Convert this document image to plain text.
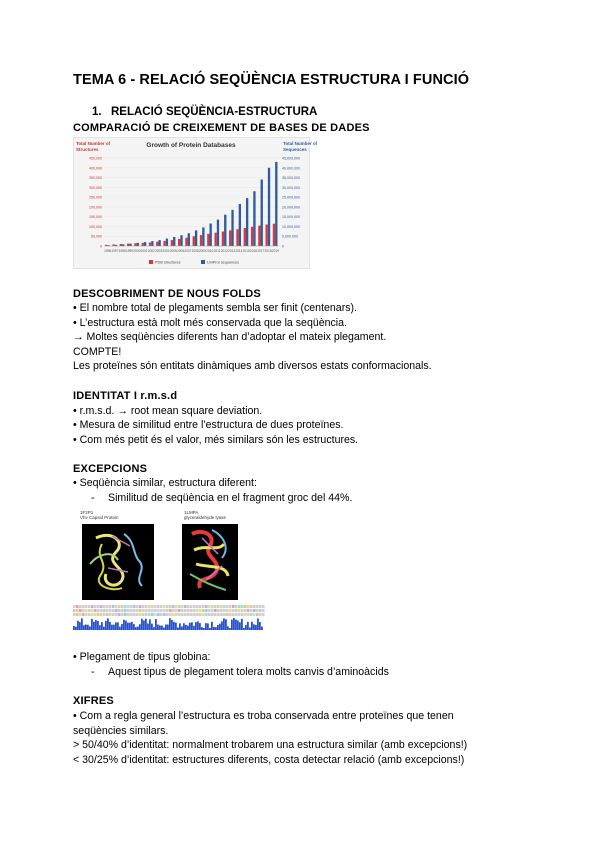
TEMA 6 - RELACIÓ SEQÜÈNCIA ESTRUCTURA I FUNCIÓ
1. RELACIÓ SEQÜÈNCIA-ESTRUCTURA
COMPARACIÓ DE CREIXEMENT DE BASES DE DADES
Growth of Protein Databases
Total Number of
Structures
Total Number of
Sequences
450,000
400,000
350,000
300,000
250,000
200,000
150,000
100,000
50,000
0
45,000,000
40,000,000
35,000,000
30,000,000
25,000,000
20,000,000
15,000,000
10,000,000
5,000,000
0
1996 1997 1998 1999 2000 2001 2002 2003 2004 2005 2006 2007 2008 2009 2010 2011 2012 2013 2014 2015 2016 2017 2018 2019
PDB structures	UniProt sequences
DESCOBRIMENT DE NOUS FOLDS
• El nombre total de plegaments sembla ser finit (centenars).
• L’estructura està molt més conservada que la seqüència.
→ Moltes seqüències diferents han d’adoptar el mateix plegament.
COMPTE!
Les proteïnes són entitats dinàmiques amb diversos estats conformacionals.
IDENTITAT I r.m.s.d
• r.m.s.d. → root mean square deviation.
• Mesura de similitud entre l’estructura de dues proteïnes.
• Com més petit és el valor, més similars són les estructures.
EXCEPCIONS
• Seqüència similar, estructura diferent:
- Similitud de seqüència en el fragment groc del 44%.
1F2P1
Vhv Capsid Protein
1LMPA
glyceraldehyde lyase
• Plegament de tipus globina:
- Aquest tipus de plegament tolera molts canvis d’aminoàcids
XIFRES
• Com a regla general l’estructura es troba conservada entre proteïnes que tenen
seqüències similars.
> 50/40% d’identitat: normalment trobarem una estructura similar (amb excepcions!)
< 30/25% d’identitat: estructures diferents, costa detectar relació (amb excepcions!)
